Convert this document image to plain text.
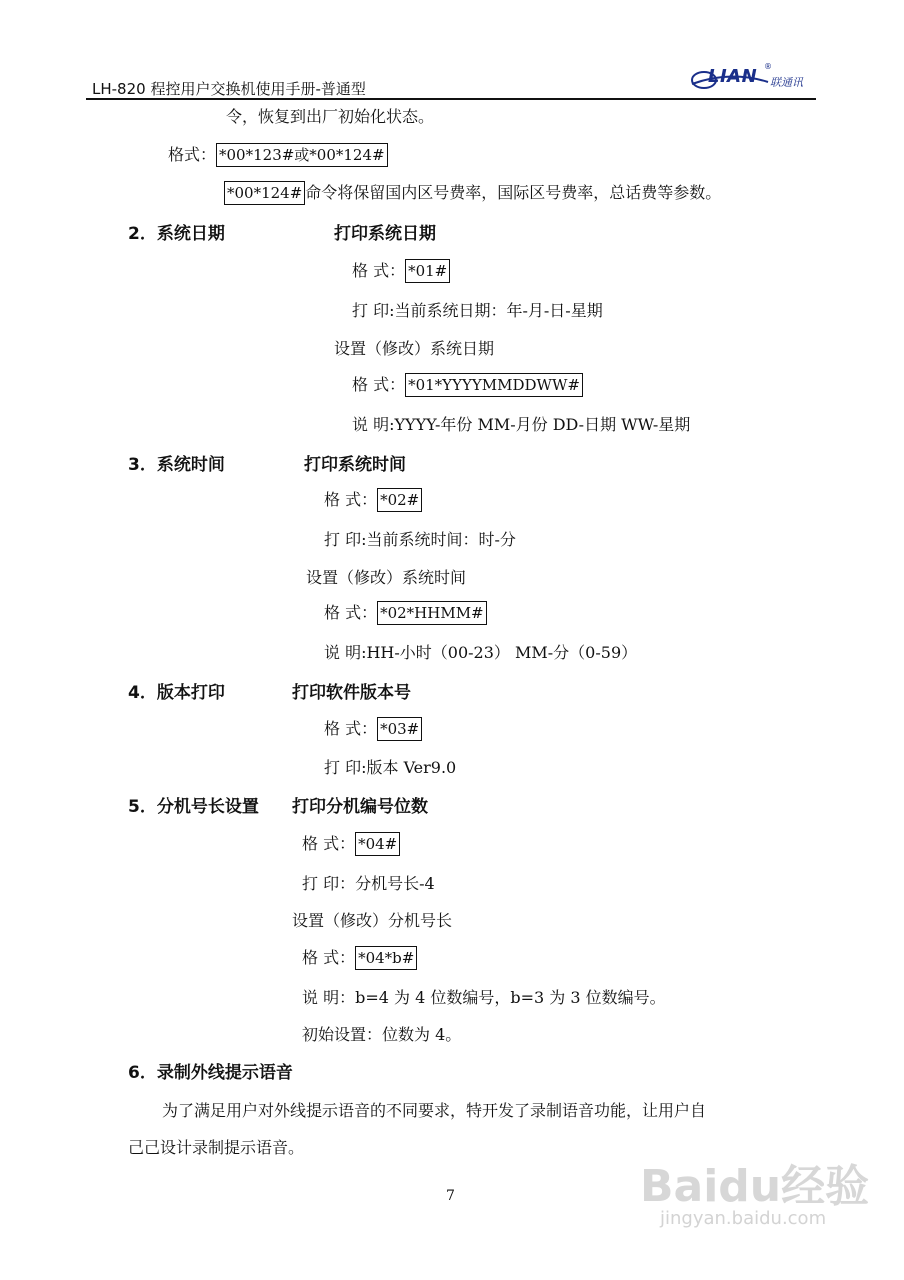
LH-820 程控用户交换机使用手册-普通型
LIAN ®
联通讯
令，恢复到出厂初始化状态。
格式： *00*123#或*00*124#
*00*124# 命令将保留国内区号费率，国际区号费率，总话费等参数。
2．系统日期	打印系统日期
格 式： *01#
打 印:当前系统日期：年-月-日-星期
设置（修改）系统日期
格 式： *01*YYYYMMDDWW#
说 明:YYYY-年份 MM-月份 DD-日期 WW-星期
3．系统时间	打印系统时间
格 式： *02#
打 印:当前系统时间：时-分
设置（修改）系统时间
格 式： *02*HHMM#
说 明:HH-小时（00-23） MM-分（0-59）
4．版本打印	打印软件版本号
格 式： *03#
打 印:版本 Ver9.0
5．分机号长设置 打印分机编号位数
格 式： *04#
打 印：分机号长-4
设置（修改）分机号长
格 式： *04*b#
说 明：b=4 为 4 位数编号，b=3 为 3 位数编号。
初始设置：位数为 4。
6．录制外线提示语音
为了满足用户对外线提示语音的不同要求，特开发了录制语音功能，让用户自
己己设计录制提示语音。
7	Baidu经验
jingyan.baidu.com
